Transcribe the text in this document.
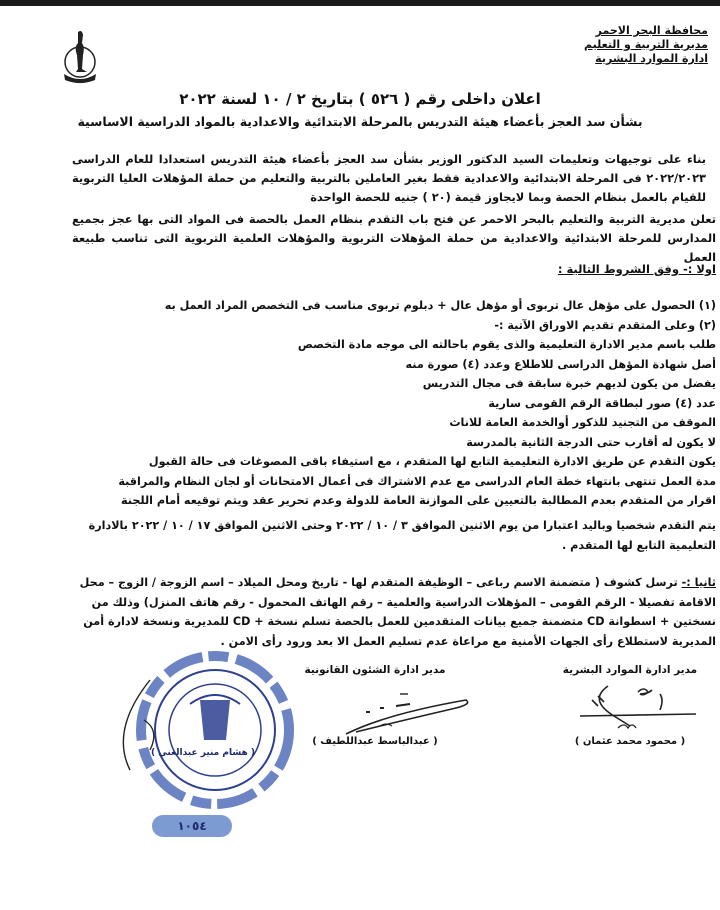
محافظة البحر الاحمر
مديرية التربية و التعليم
ادارة الموارد البشرية
اعلان داخلى رقم ( ٥٢٦ ) بتاريخ ٢ / ١٠ لسنة ٢٠٢٢
بشأن سد العجز بأعضاء هيئة التدريس بالمرحلة الابتدائية والاعدادية بالمواد الدراسية الاساسية
بناء على توجيهات وتعليمات السيد الدكتور الوزير بشأن سد العجز بأعضاء هيئة التدريس استعدادا للعام الدراسى ٢٠٢٢/٢٠٢٣ فى المرحلة الابتدائية والاعدادية فقط بغير العاملين بالتربية والتعليم من حملة المؤهلات العليا التربوية للقيام بالعمل بنظام الحصة وبما لايجاوز قيمة (٢٠ ) جنيه للحصة الواحدة
تعلن مديرية التربية والتعليم بالبحر الاحمر عن فتح باب التقدم بنظام العمل بالحصة فى المواد التى بها عجز بجميع المدارس للمرحلة الابتدائية والاعدادية من حملة المؤهلات التربوية والمؤهلات العلمية التربوية التى تناسب طبيعة العمل
اولا :- وفق الشروط التالية :
(١) الحصول على مؤهل عال تربوى أو مؤهل عال + دبلوم تربوى مناسب فى التخصص المراد العمل به
(٢) وعلى المتقدم تقديم الاوراق الآتية :-
طلب باسم مدير الادارة التعليمية والذى يقوم باحالته الى موجه مادة التخصص
أصل شهادة المؤهل الدراسى للاطلاع وعدد (٤) صورة منه
يفضل من يكون لديهم خبرة سابقة فى مجال التدريس
عدد (٤) صور لبطاقة الرقم القومى سارية
الموقف من التجنيد للذكور أوالخدمة العامة للاناث
لا يكون له أقارب حتى الدرجة الثانية بالمدرسة
يكون التقدم عن طريق الادارة التعليمية التابع لها المتقدم ، مع استيفاء باقى المصوغات فى حالة القبول
مدة العمل تنتهى بانتهاء خطة العام الدراسى مع عدم الاشتراك فى أعمال الامتحانات أو لجان النظام والمراقبة
اقرار من المتقدم بعدم المطالبة بالتعيين على الموازنة العامة للدولة وعدم تحرير عقد ويتم توقيعه أمام اللجنة
يتم التقدم شخصيا وباليد اعتبارا من يوم الاثنين الموافق ٣ / ١٠ / ٢٠٢٢ وحتى الاثنين الموافق ١٧ / ١٠ / ٢٠٢٢ بالادارة التعليمية التابع لها المتقدم .
ثانيا :- ترسل كشوف ( متضمنة الاسم رباعى – الوظيفة المتقدم لها - تاريخ ومحل الميلاد – اسم الزوجة / الزوج – محل الاقامة تفصيلا - الرقم القومى – المؤهلات الدراسية والعلمية – رقم الهاتف المحمول - رقم هاتف المنزل) وذلك من نسختين + اسطوانة CD متضمنة جميع بيانات المتقدمين للعمل بالحصة تسلم نسخة + CD للمديرية ونسخة لادارة أمن المديرية لاستطلاع رأى الجهات الأمنية مع مراعاة عدم تسليم العمل الا بعد ورود رأى الامن .
مدير ادارة الموارد البشرية
( محمود محمد عثمان )
مدير ادارة الشئون القانونية
( عبدالباسط عبداللطيف )
( هشام منير عبدالغنى )
١٠٥٤
